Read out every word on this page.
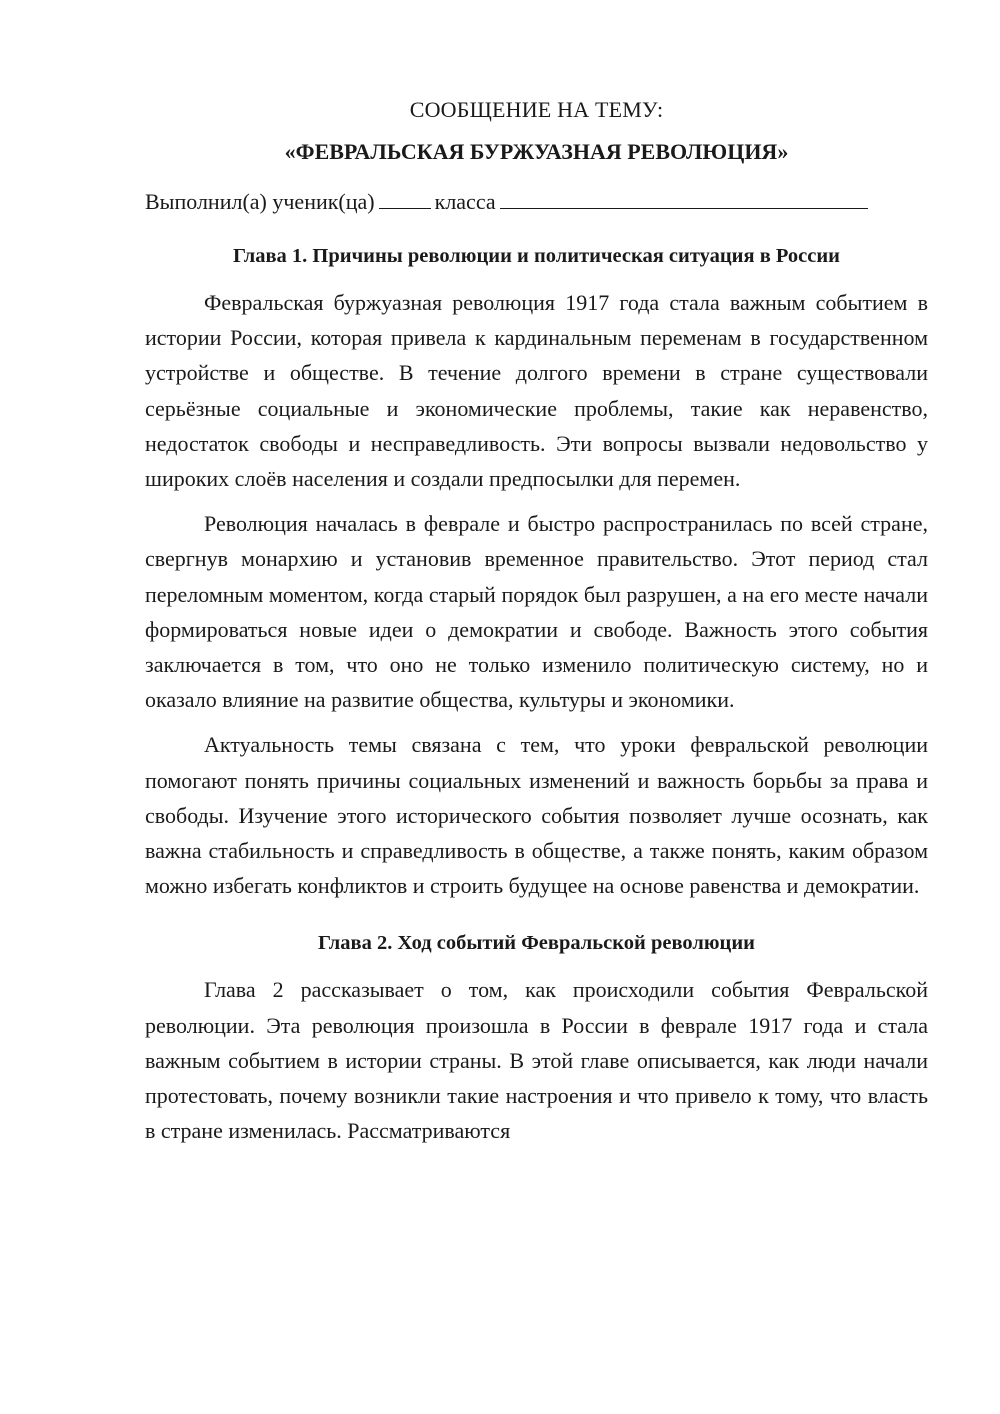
СООБЩЕНИЕ НА ТЕМУ:

«ФЕВРАЛЬСКАЯ БУРЖУАЗНАЯ РЕВОЛЮЦИЯ»

Выполнил(а) ученик(ца)	класса

Глава 1. Причины революции и политическая ситуация в России

Февральская буржуазная революция 1917 года стала важным событием в истории России, которая привела к кардинальным переменам в государственном устройстве и обществе. В течение долгого времени в стране существовали серьёзные социальные и экономические проблемы, такие как неравенство, недостаток свободы и несправедливость. Эти вопросы вызвали недовольство у широких слоёв населения и создали предпосылки для перемен.

Революция началась в феврале и быстро распространилась по всей стране, свергнув монархию и установив временное правительство. Этот период стал переломным моментом, когда старый порядок был разрушен, а на его месте начали формироваться новые идеи о демократии и свободе. Важность этого события заключается в том, что оно не только изменило политическую систему, но и оказало влияние на развитие общества, культуры и экономики.

Актуальность темы связана с тем, что уроки февральской революции помогают понять причины социальных изменений и важность борьбы за права и свободы. Изучение этого исторического события позволяет лучше осознать, как важна стабильность и справедливость в обществе, а также понять, каким образом можно избегать конфликтов и строить будущее на основе равенства и демократии.

Глава 2. Ход событий Февральской революции

Глава 2 рассказывает о том, как происходили события Февральской революции. Эта революция произошла в России в феврале 1917 года и стала важным событием в истории страны. В этой главе описывается, как люди начали протестовать, почему возникли такие настроения и что привело к тому, что власть в стране изменилась. Рассматриваются
